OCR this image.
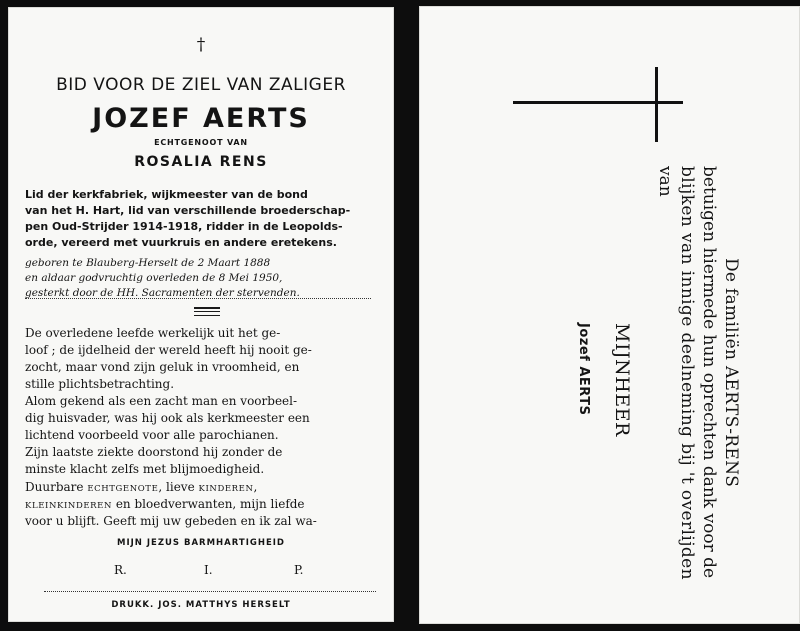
†
BID VOOR DE ZIEL VAN ZALIGER
JOZEF AERTS
ECHTGENOOT VAN
ROSALIA RENS
Lid der kerkfabriek, wijkmeester van de bond
van het H. Hart, lid van verschillende broederschap-
pen Oud-Strijder 1914-1918, ridder in de Leopolds-
orde, vereerd met vuurkruis en andere eretekens.
geboren te Blauberg-Herselt de 2 Maart 1888
en aldaar godvruchtig overleden de 8 Mei 1950,
gesterkt door de HH. Sacramenten der stervenden.
De overledene leefde werkelijk uit het ge-
loof ; de ijdelheid der wereld heeft hij nooit ge-
zocht, maar vond zijn geluk in vroomheid, en
stille plichtsbetrachting.
Alom gekend als een zacht man en voorbeel-
dig huisvader, was hij ook als kerkmeester een
lichtend voorbeeld voor alle parochianen.
Zijn laatste ziekte doorstond hij zonder de
minste klacht zelfs met blijmoedigheid.
Duurbare ECHTGENOTE, lieve KINDEREN,
KLEINKINDEREN en bloedverwanten, mijn liefde
voor u blijft. Geeft mij uw gebeden en ik zal wa-
MIJN JEZUS BARMHARTIGHEID
R.	I.	P.
DRUKK. JOS. MATTHYS HERSELT
De familiën AERTS-RENS
betuigen hiermede hun oprechten dank voor de
blijken van innige deelneming bij 't overlijden
van
MIJNHEER
Jozef AERTS
